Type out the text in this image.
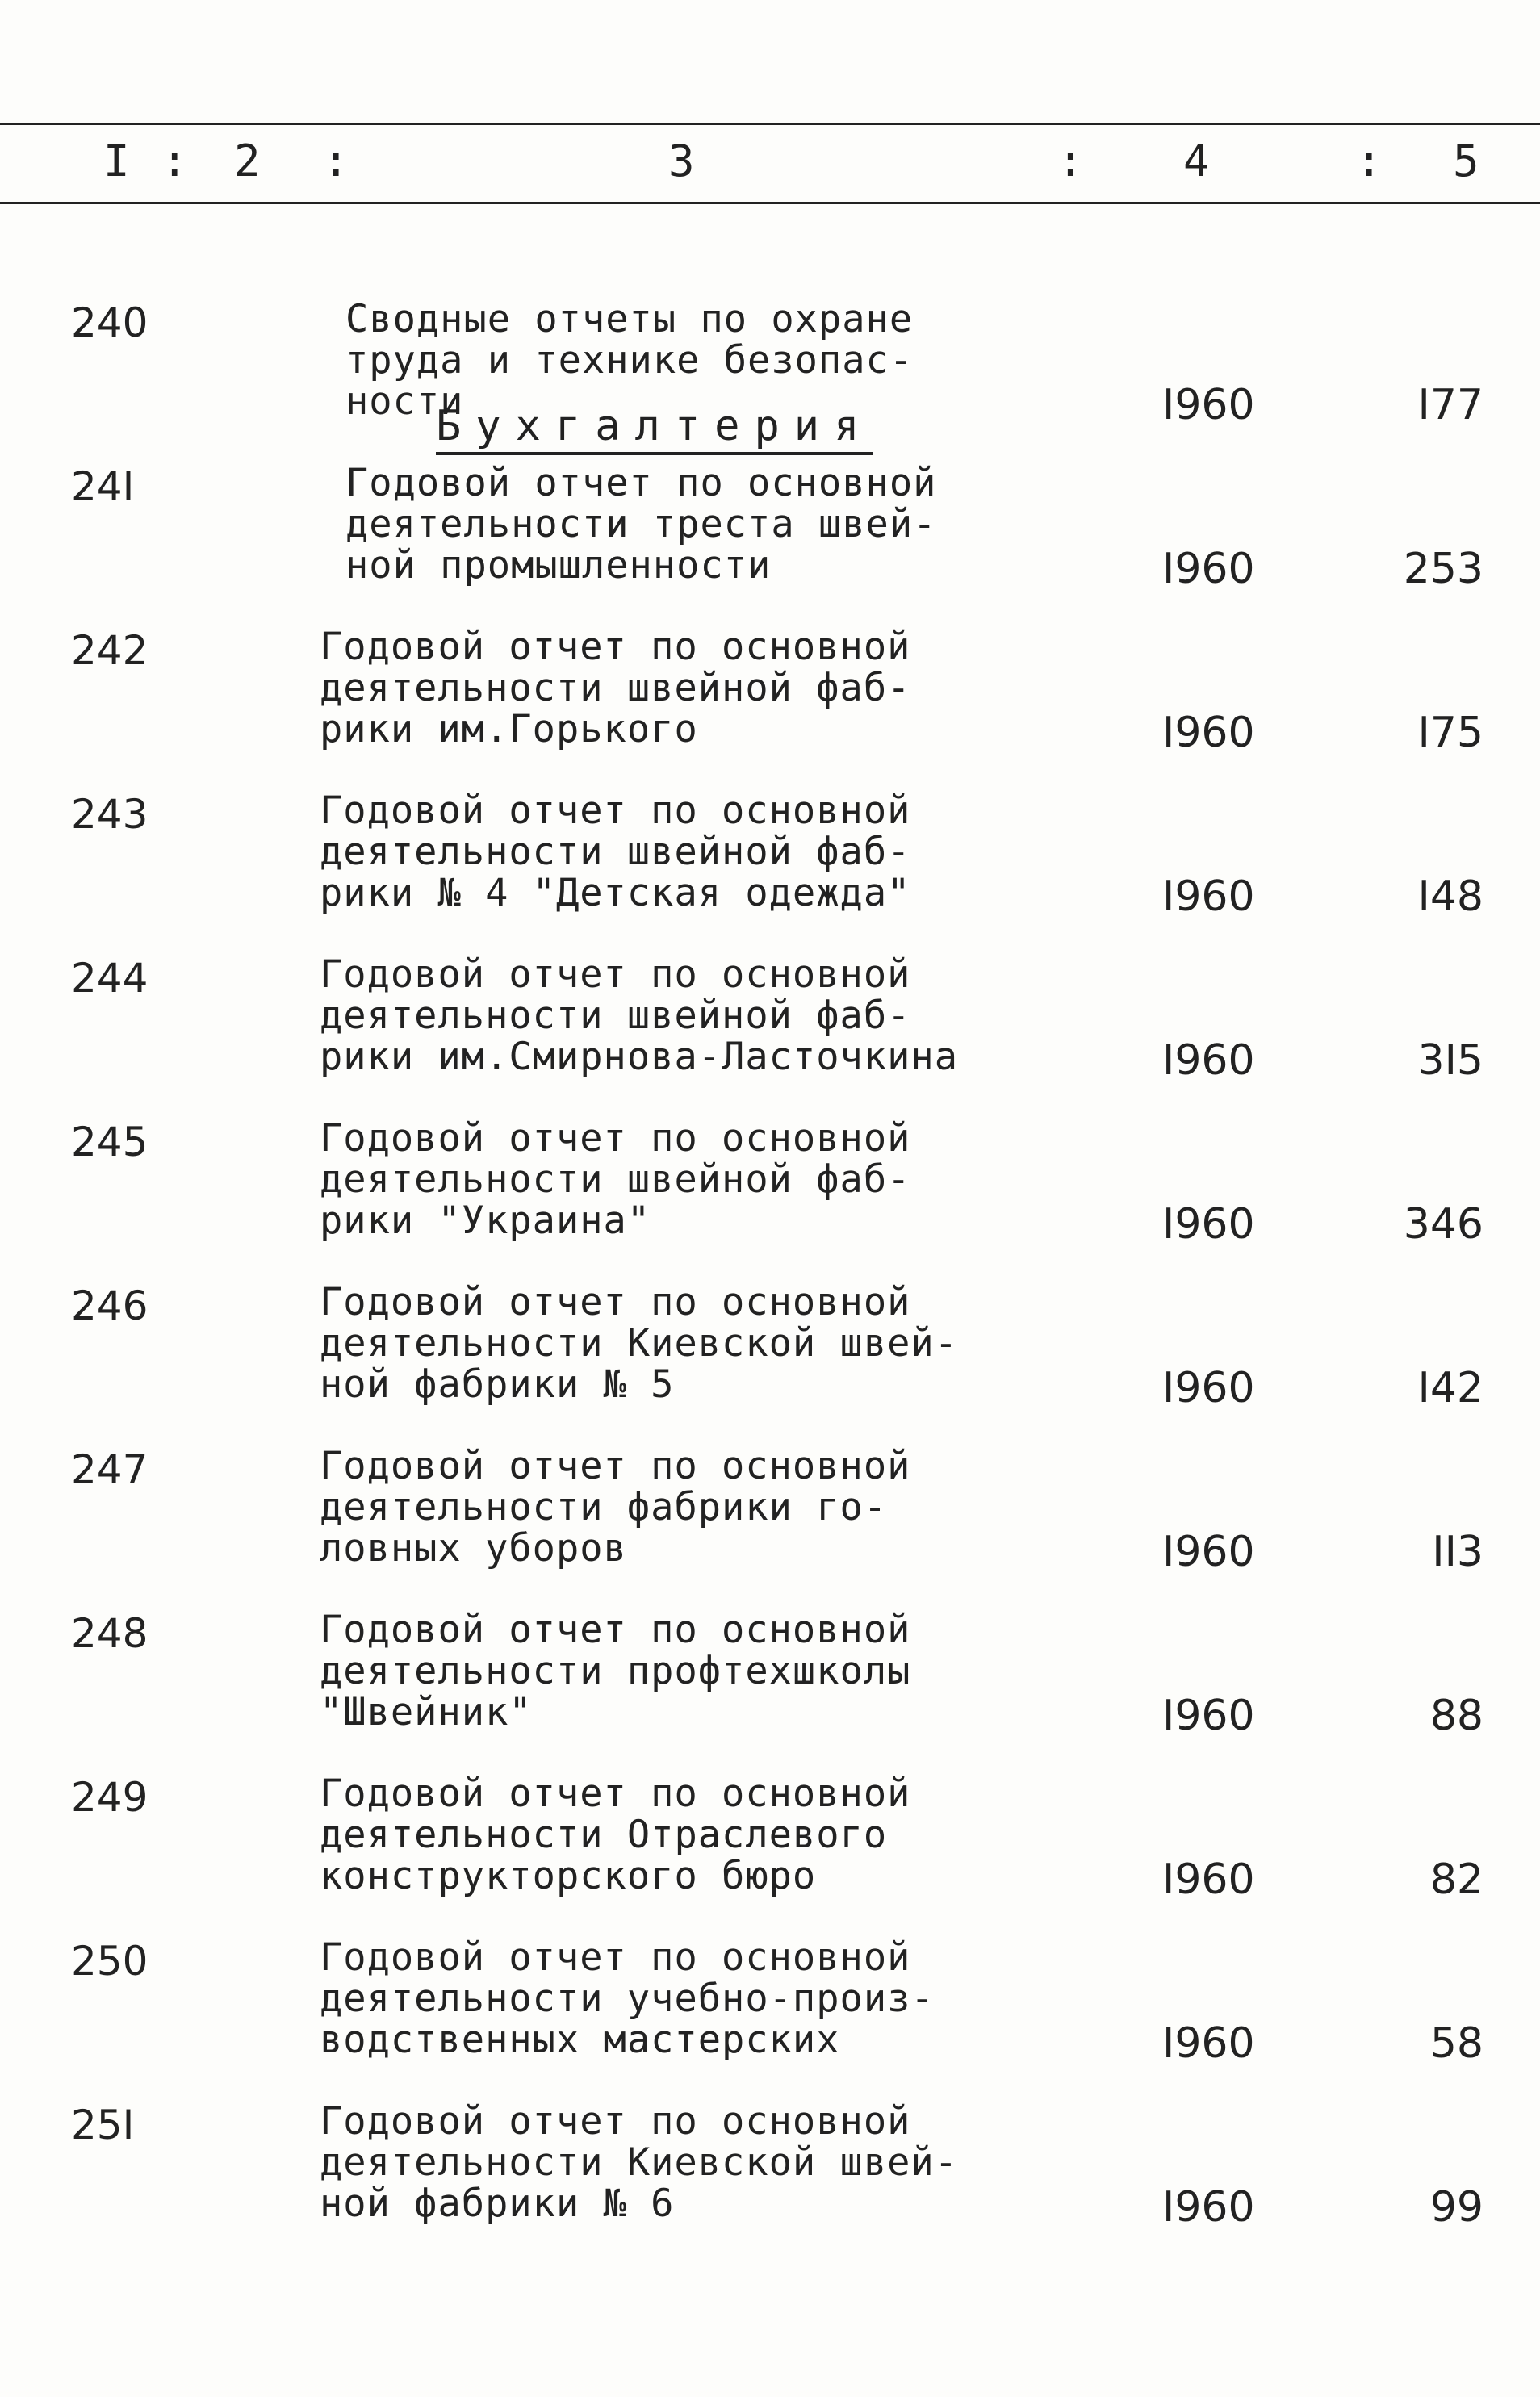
I : 2 :	3	: 4	: 5
240	Сводные отчеты по охране
труда и технике безопас-
ности	I960	I77
Бухгалтерия
24I	Годовой отчет по основной
деятельности треста швей-
ной промышленности	I960	253
242	Годовой отчет по основной
деятельности швейной фаб-
рики им.Горького	I960	I75
243	Годовой отчет по основной
деятельности швейной фаб-
рики № 4 "Детская одежда"	I960	I48
244	Годовой отчет по основной
деятельности швейной фаб-
рики им.Смирнова-Ласточкина	I960	3I5
245	Годовой отчет по основной
деятельности швейной фаб-
рики "Украина"	I960	346
246	Годовой отчет по основной
деятельности Киевской швей-
ной фабрики № 5	I960	I42
247	Годовой отчет по основной
деятельности фабрики го-
ловных уборов	I960	II3
248	Годовой отчет по основной
деятельности профтехшколы
"Швейник"	I960	88
249	Годовой отчет по основной
деятельности Отраслевого
конструкторского бюро	I960	82
250	Годовой отчет по основной
деятельности учебно-произ-
водственных мастерских	I960	58
25I	Годовой отчет по основной
деятельности Киевской швей-
ной фабрики № 6	I960	99
